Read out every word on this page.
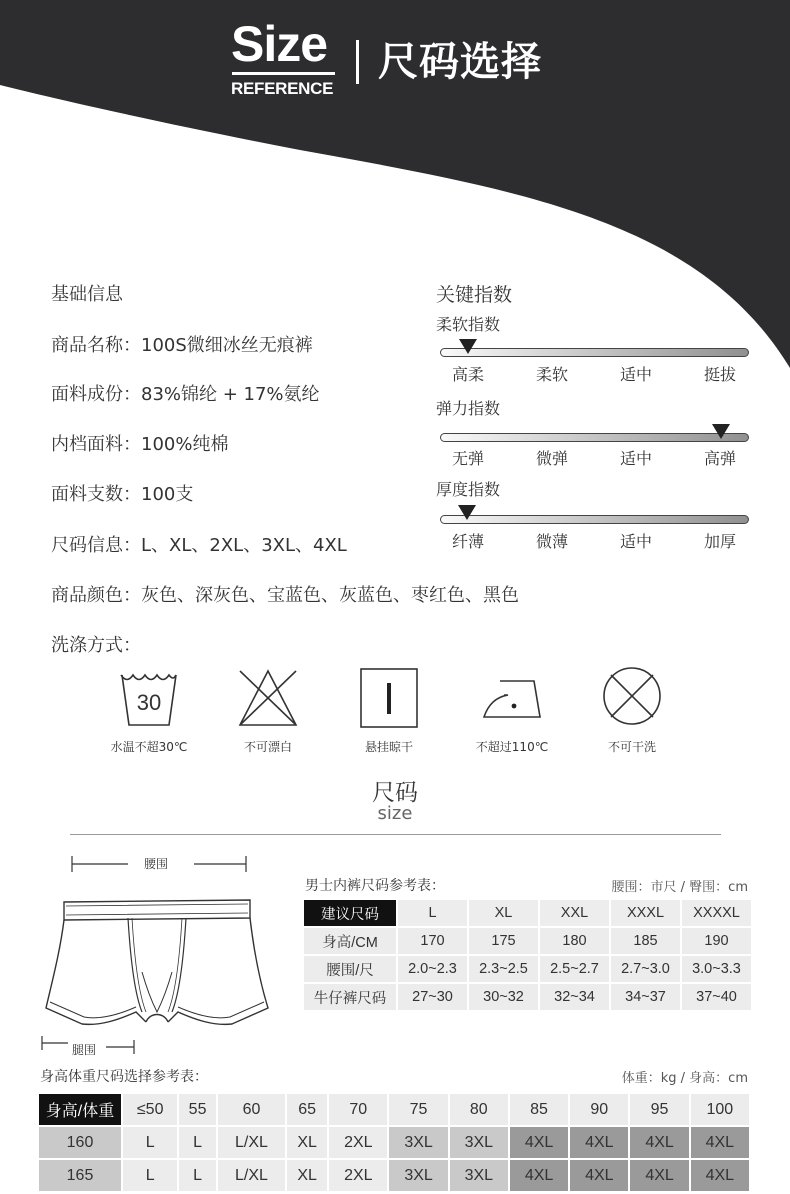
Size
REFERENCE
尺码选择
基础信息
商品名称：100S微细冰丝无痕裤
面料成份：83%锦纶 + 17%氨纶
内档面料：100%纯棉
面料支数：100支
尺码信息：L、XL、2XL、3XL、4XL
商品颜色：灰色、深灰色、宝蓝色、灰蓝色、枣红色、黑色
洗涤方式：
关键指数
柔软指数
高柔	柔软	适中	挺拔
弹力指数
无弹	微弹	适中	高弹
厚度指数
纤薄	微薄	适中	加厚
30
水温不超30℃	不可漂白	悬挂晾干	不超过110℃	不可干洗
尺码
size
腰围
腿围
男士内裤尺码参考表：	腰围：市尺 / 臀围：cm
建议尺码	L	XL	XXL	XXXL	XXXXL
身高/CM	170	175	180	185	190
腰围/尺	2.0~2.3	2.3~2.5	2.5~2.7	2.7~3.0	3.0~3.3
牛仔裤尺码	27~30	30~32	32~34	34~37	37~40
身高体重尺码选择参考表：	体重：kg / 身高：cm
身高/体重	≤50	55	60	65	70	75	80	85	90	95	100
160	L	L	L/XL	XL	2XL	3XL	3XL	4XL	4XL	4XL	4XL
165	L	L	L/XL	XL	2XL	3XL	3XL	4XL	4XL	4XL	4XL
